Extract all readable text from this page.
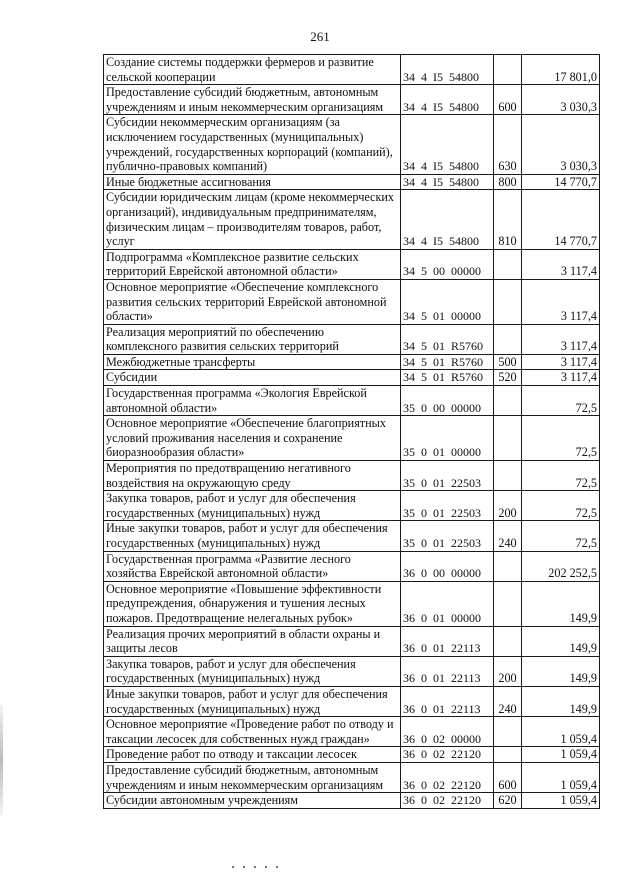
261
Создание системы поддержки фермеров и развитие сельской кооперации	34  4  I5  54800		17 801,0
Предоставление субсидий бюджетным, автономным учреждениям и иным некоммерческим организациям	34  4  I5  54800	600	3 030,3
Субсидии некоммерческим организациям (за исключением государственных (муниципальных) учреждений, государственных корпораций (компаний), публично-правовых компаний)	34  4  I5  54800	630	3 030,3
Иные бюджетные ассигнования	34  4  I5  54800	800	14 770,7
Субсидии юридическим лицам (кроме некоммерческих организаций), индивидуальным предпринимателям, физическим лицам – производителям товаров, работ, услуг	34  4  I5  54800	810	14 770,7
Подпрограмма «Комплексное развитие сельских территорий Еврейской автономной области»	34  5  00  00000		3 117,4
Основное мероприятие «Обеспечение комплексного развития сельских территорий Еврейской автономной области»	34  5  01  00000		3 117,4
Реализация мероприятий по обеспечению комплексного развития сельских территорий	34  5  01  R5760		3 117,4
Межбюджетные трансферты	34  5  01  R5760	500	3 117,4
Субсидии	34  5  01  R5760	520	3 117,4
Государственная программа «Экология Еврейской автономной области»	35  0  00  00000		72,5
Основное мероприятие «Обеспечение благоприятных условий проживания населения и сохранение биоразнообразия области»	35  0  01  00000		72,5
Мероприятия по предотвращению негативного воздействия на окружающую среду	35  0  01  22503		72,5
Закупка товаров, работ и услуг для обеспечения государственных (муниципальных) нужд	35  0  01  22503	200	72,5
Иные закупки товаров, работ и услуг для обеспечения государственных (муниципальных) нужд	35  0  01  22503	240	72,5
Государственная программа «Развитие лесного хозяйства Еврейской автономной области»	36  0  00  00000		202 252,5
Основное мероприятие «Повышение эффективности предупреждения, обнаружения и тушения лесных пожаров. Предотвращение нелегальных рубок»	36  0  01  00000		149,9
Реализация прочих мероприятий в области охраны и защиты лесов	36  0  01  22113		149,9
Закупка товаров, работ и услуг для обеспечения государственных (муниципальных) нужд	36  0  01  22113	200	149,9
Иные закупки товаров, работ и услуг для обеспечения государственных (муниципальных) нужд	36  0  01  22113	240	149,9
Основное мероприятие «Проведение работ по отводу и таксации лесосек для собственных нужд граждан»	36  0  02  00000		1 059,4
Проведение работ по отводу и таксации лесосек	36  0  02  22120		1 059,4
Предоставление субсидий бюджетным, автономным учреждениям и иным некоммерческим организациям	36  0  02  22120	600	1 059,4
Субсидии автономным учреждениям	36  0  02  22120	620	1 059,4
